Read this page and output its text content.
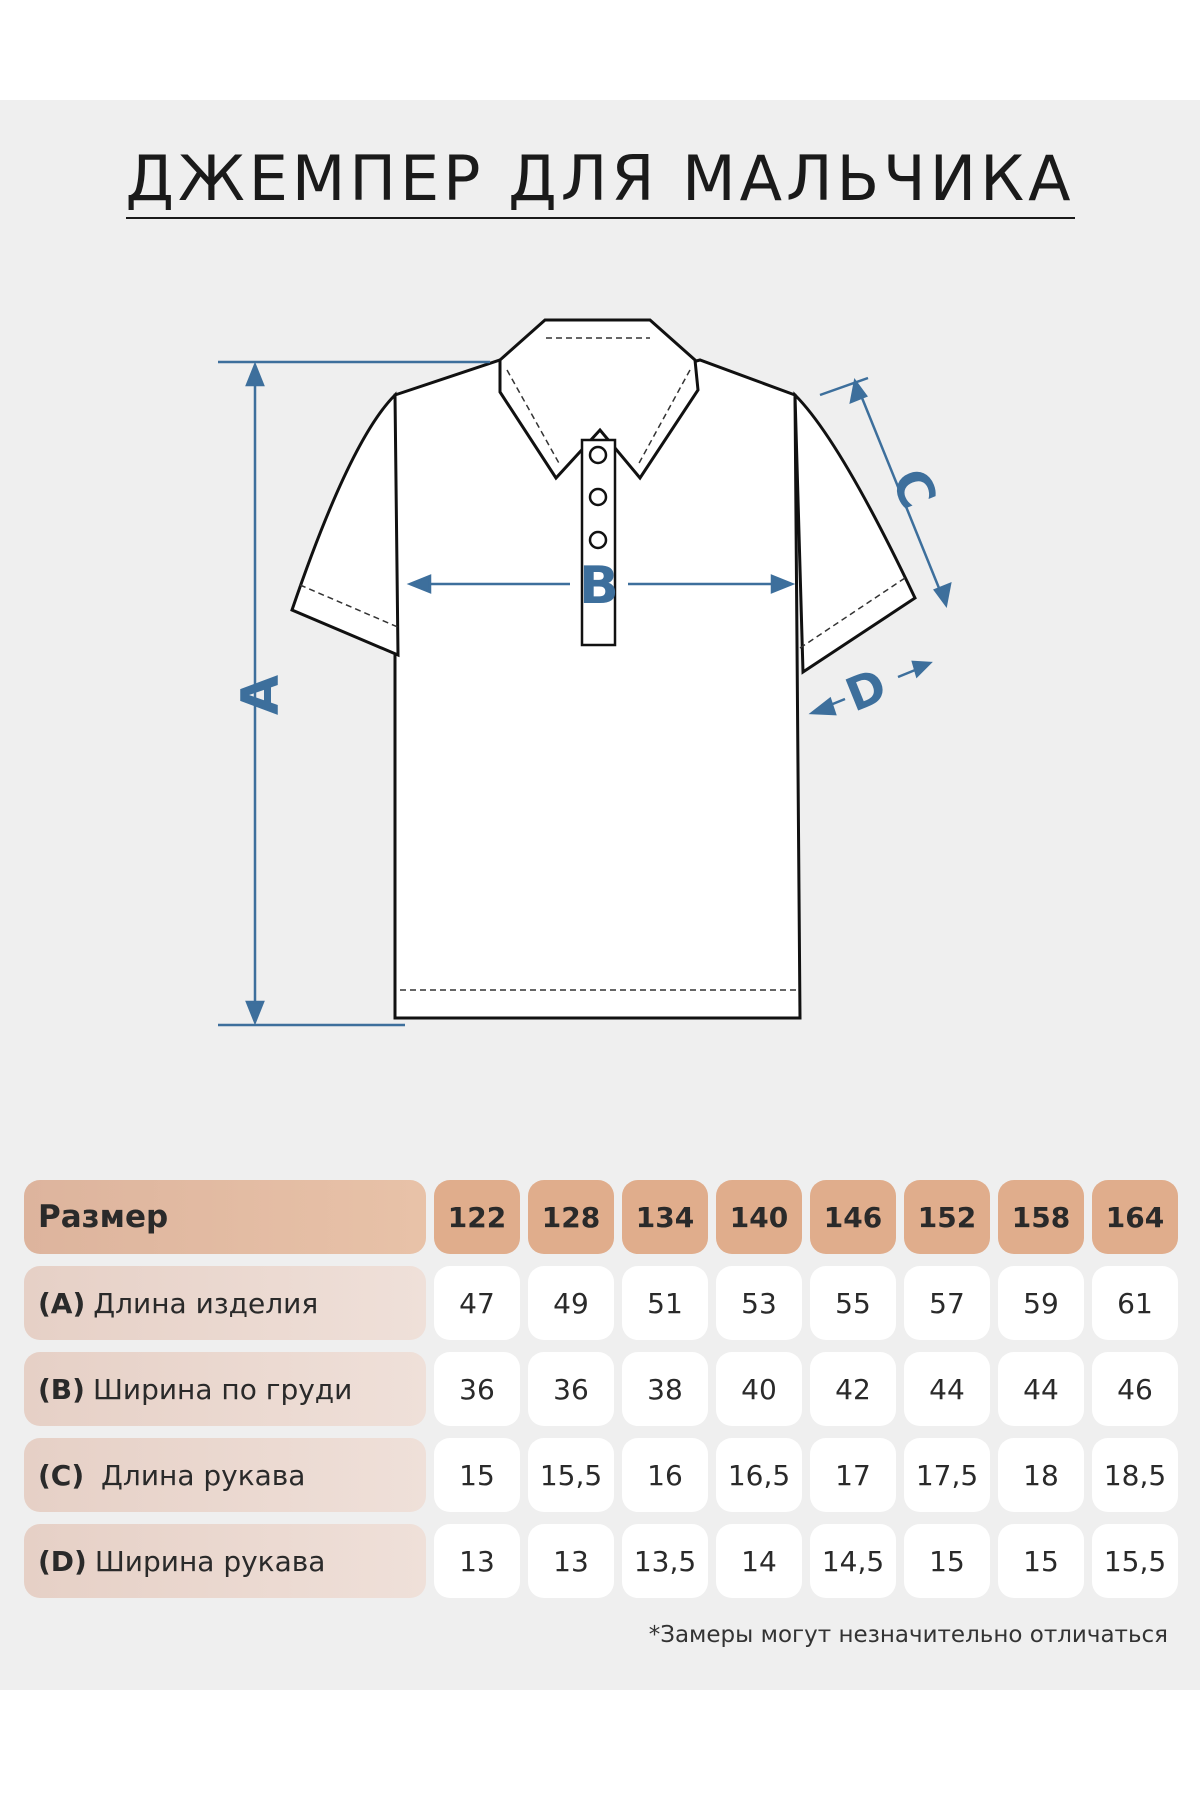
ДЖЕМПЕР ДЛЯ МАЛЬЧИКА
A
B
C
D
Размер	122	128	134	140	146	152	158	164
(A) Длина изделия	47	49	51	53	55	57	59	61
(B) Ширина по груди	36	36	38	40	42	44	44	46
(C) Длина рукава	15	15,5	16	16,5	17	17,5	18	18,5
(D) Ширина рукава	13	13	13,5	14	14,5	15	15	15,5
*Замеры могут незначительно отличаться
